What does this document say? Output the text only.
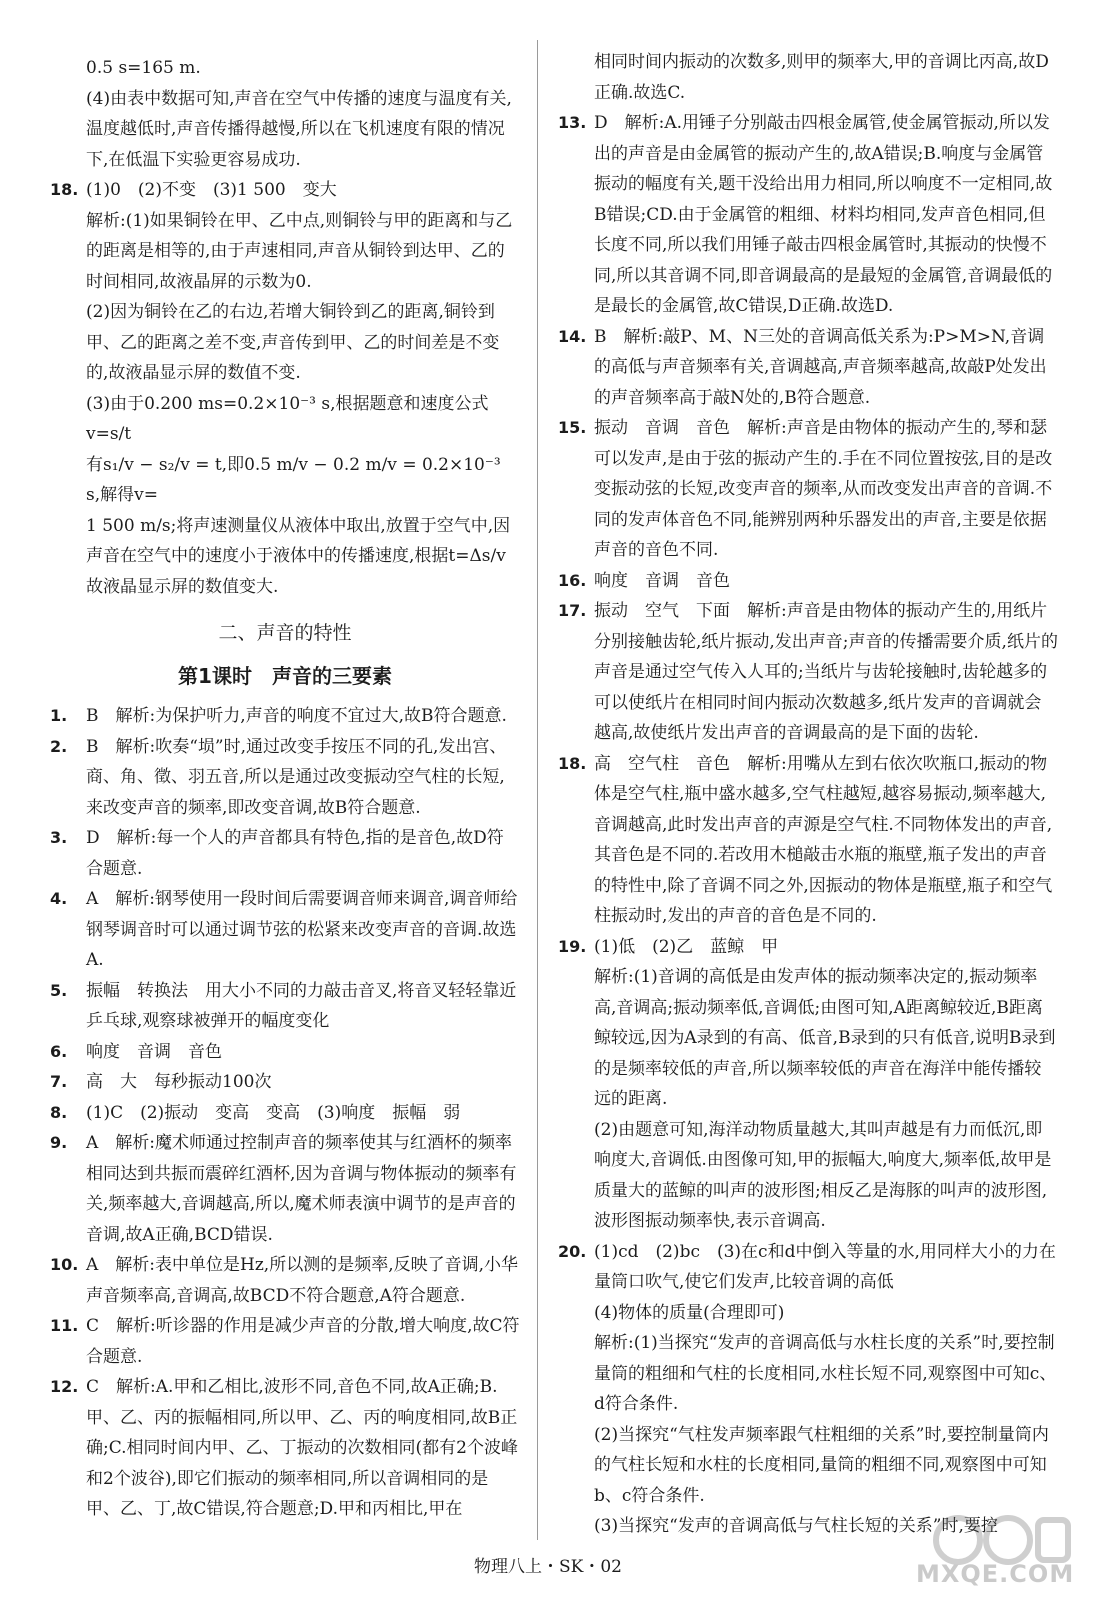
0.5 s=165 m.
(4)由表中数据可知,声音在空气中传播的速度与温度有关,温度越低时,声音传播得越慢,所以在飞机速度有限的情况下,在低温下实验更容易成功.
18. (1)0　(2)不变　(3)1 500　变大
解析:(1)如果铜铃在甲、乙中点,则铜铃与甲的距离和与乙的距离是相等的,由于声速相同,声音从铜铃到达甲、乙的时间相同,故液晶屏的示数为0.
(2)因为铜铃在乙的右边,若增大铜铃到乙的距离,铜铃到甲、乙的距离之差不变,声音传到甲、乙的时间差是不变的,故液晶显示屏的数值不变.
(3)由于0.200 ms=0.2×10⁻³ s,根据题意和速度公式v=s/t
有s₁/v − s₂/v = t,即0.5 m/v − 0.2 m/v = 0.2×10⁻³ s,解得v=
1 500 m/s;将声速测量仪从液体中取出,放置于空气中,因
声音在空气中的速度小于液体中的传播速度,根据t=Δs/v
故液晶显示屏的数值变大.
二、声音的特性
第1课时　声音的三要素
1. B　解析:为保护听力,声音的响度不宜过大,故B符合题意.
2. B　解析:吹奏“埙”时,通过改变手按压不同的孔,发出宫、商、角、徵、羽五音,所以是通过改变振动空气柱的长短,来改变声音的频率,即改变音调,故B符合题意.
3. D　解析:每一个人的声音都具有特色,指的是音色,故D符合题意.
4. A　解析:钢琴使用一段时间后需要调音师来调音,调音师给钢琴调音时可以通过调节弦的松紧来改变声音的音调.故选A.
5. 振幅　转换法　用大小不同的力敲击音叉,将音叉轻轻靠近乒乓球,观察球被弹开的幅度变化
6. 响度　音调　音色
7. 高　大　每秒振动100次
8. (1)C　(2)振动　变高　变高　(3)响度　振幅　弱
9. A　解析:魔术师通过控制声音的频率使其与红酒杯的频率相同达到共振而震碎红酒杯,因为音调与物体振动的频率有关,频率越大,音调越高,所以,魔术师表演中调节的是声音的音调,故A正确,BCD错误.
10. A　解析:表中单位是Hz,所以测的是频率,反映了音调,小华声音频率高,音调高,故BCD不符合题意,A符合题意.
11. C　解析:听诊器的作用是减少声音的分散,增大响度,故C符合题意.
12. C　解析:A.甲和乙相比,波形不同,音色不同,故A正确;B.甲、乙、丙的振幅相同,所以甲、乙、丙的响度相同,故B正确;C.相同时间内甲、乙、丁振动的次数相同(都有2个波峰和2个波谷),即它们振动的频率相同,所以音调相同的是甲、乙、丁,故C错误,符合题意;D.甲和丙相比,甲在
相同时间内振动的次数多,则甲的频率大,甲的音调比丙高,故D正确.故选C.
13. D　解析:A.用锤子分别敲击四根金属管,使金属管振动,所以发出的声音是由金属管的振动产生的,故A错误;B.响度与金属管振动的幅度有关,题干没给出用力相同,所以响度不一定相同,故B错误;CD.由于金属管的粗细、材料均相同,发声音色相同,但长度不同,所以我们用锤子敲击四根金属管时,其振动的快慢不同,所以其音调不同,即音调最高的是最短的金属管,音调最低的是最长的金属管,故C错误,D正确.故选D.
14. B　解析:敲P、M、N三处的音调高低关系为:P>M>N,音调的高低与声音频率有关,音调越高,声音频率越高,故敲P处发出的声音频率高于敲N处的,B符合题意.
15. 振动　音调　音色　解析:声音是由物体的振动产生的,琴和瑟可以发声,是由于弦的振动产生的.手在不同位置按弦,目的是改变振动弦的长短,改变声音的频率,从而改变发出声音的音调.不同的发声体音色不同,能辨别两种乐器发出的声音,主要是依据声音的音色不同.
16. 响度　音调　音色
17. 振动　空气　下面　解析:声音是由物体的振动产生的,用纸片分别接触齿轮,纸片振动,发出声音;声音的传播需要介质,纸片的声音是通过空气传入人耳的;当纸片与齿轮接触时,齿轮越多的可以使纸片在相同时间内振动次数越多,纸片发声的音调就会越高,故使纸片发出声音的音调最高的是下面的齿轮.
18. 高　空气柱　音色　解析:用嘴从左到右依次吹瓶口,振动的物体是空气柱,瓶中盛水越多,空气柱越短,越容易振动,频率越大,音调越高,此时发出声音的声源是空气柱.不同物体发出的声音,其音色是不同的.若改用木槌敲击水瓶的瓶壁,瓶子发出的声音的特性中,除了音调不同之外,因振动的物体是瓶壁,瓶子和空气柱振动时,发出的声音的音色是不同的.
19. (1)低　(2)乙　蓝鲸　甲
解析:(1)音调的高低是由发声体的振动频率决定的,振动频率高,音调高;振动频率低,音调低;由图可知,A距离鲸较近,B距离鲸较远,因为A录到的有高、低音,B录到的只有低音,说明B录到的是频率较低的声音,所以频率较低的声音在海洋中能传播较远的距离.
(2)由题意可知,海洋动物质量越大,其叫声越是有力而低沉,即响度大,音调低.由图像可知,甲的振幅大,响度大,频率低,故甲是质量大的蓝鲸的叫声的波形图;相反乙是海豚的叫声的波形图,波形图振动频率快,表示音调高.
20. (1)cd　(2)bc　(3)在c和d中倒入等量的水,用同样大小的力在量筒口吹气,使它们发声,比较音调的高低
(4)物体的质量(合理即可)
解析:(1)当探究“发声的音调高低与水柱长度的关系”时,要控制量筒的粗细和气柱的长度相同,水柱长短不同,观察图中可知c、d符合条件.
(2)当探究“气柱发声频率跟气柱粗细的关系”时,要控制量筒内的气柱长短和水柱的长度相同,量筒的粗细不同,观察图中可知b、c符合条件.
(3)当探究“发声的音调高低与气柱长短的关系”时,要控
物理八上・SK・02	MXQE.COM
